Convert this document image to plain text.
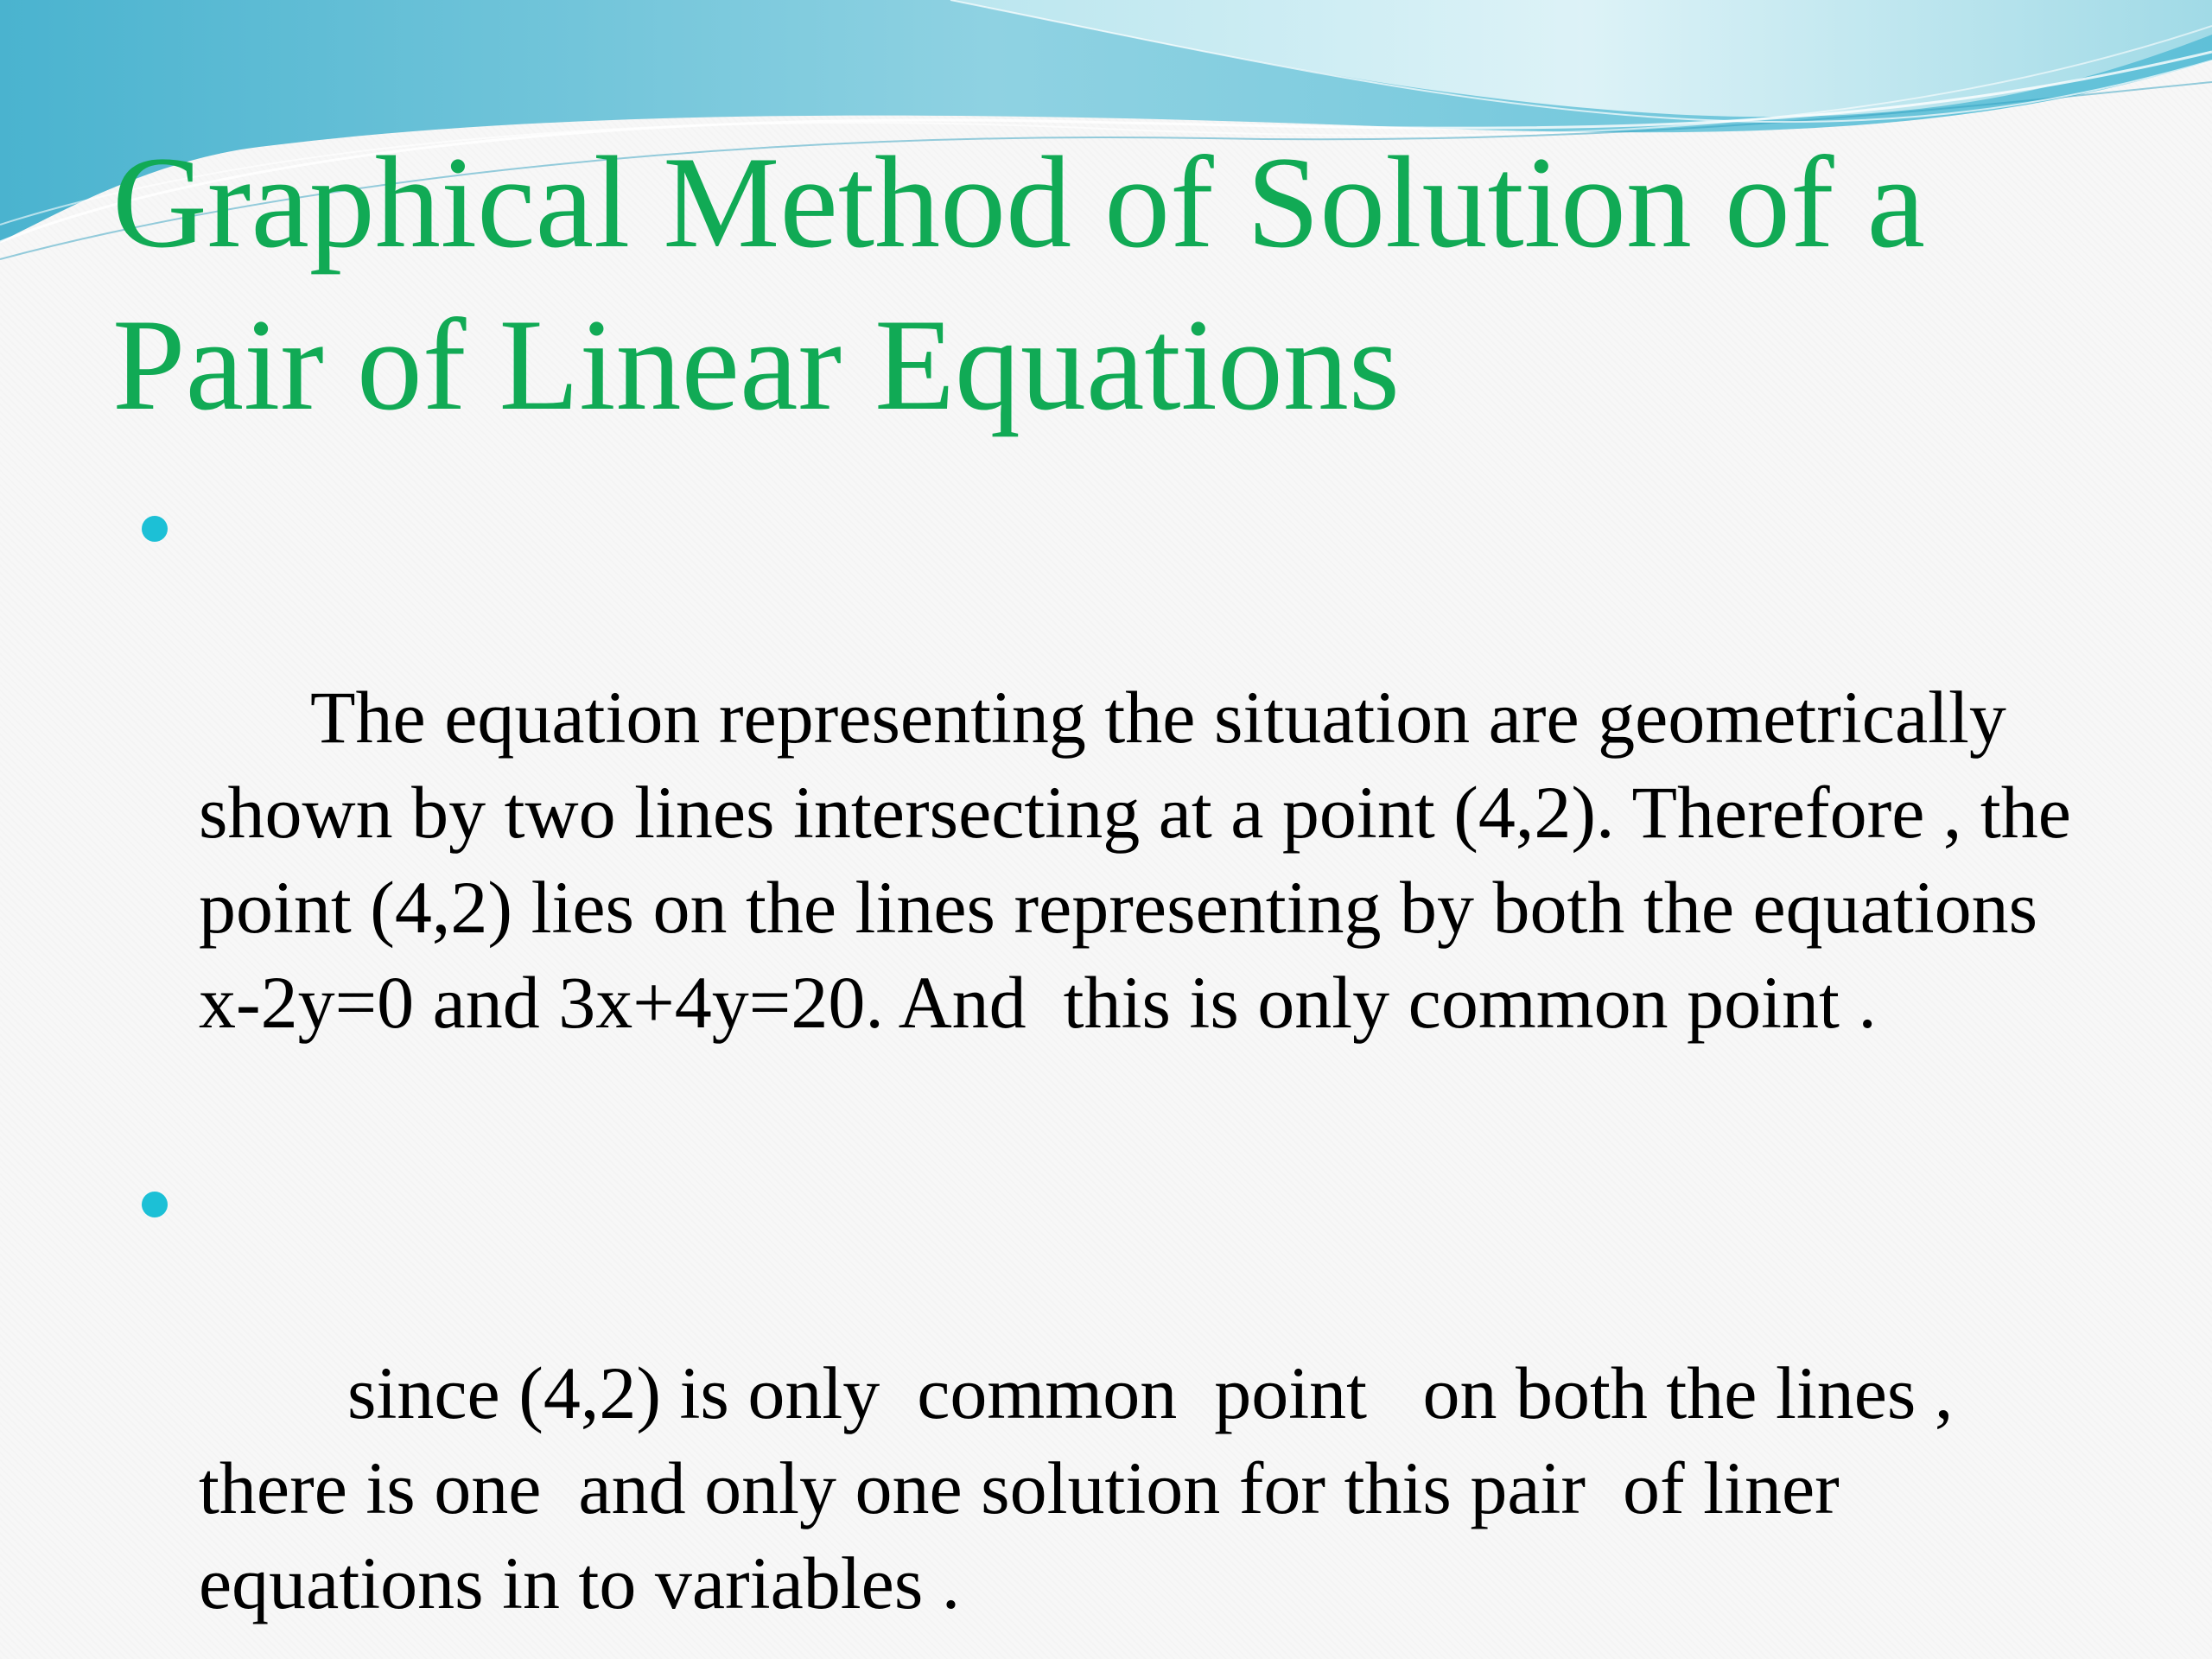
Graphical Method of Solution of a Pair of Linear Equations

The equation representing the situation are geometrically shown by two lines intersecting at a point (4,2). Therefore , the point (4,2) lies on the lines representing by both the equations  x-2y=0 and 3x+4y=20. And  this is only common point .

since (4,2) is only  common  point   on both the lines , there is one  and only one solution for this pair  of liner equations in to variables .
